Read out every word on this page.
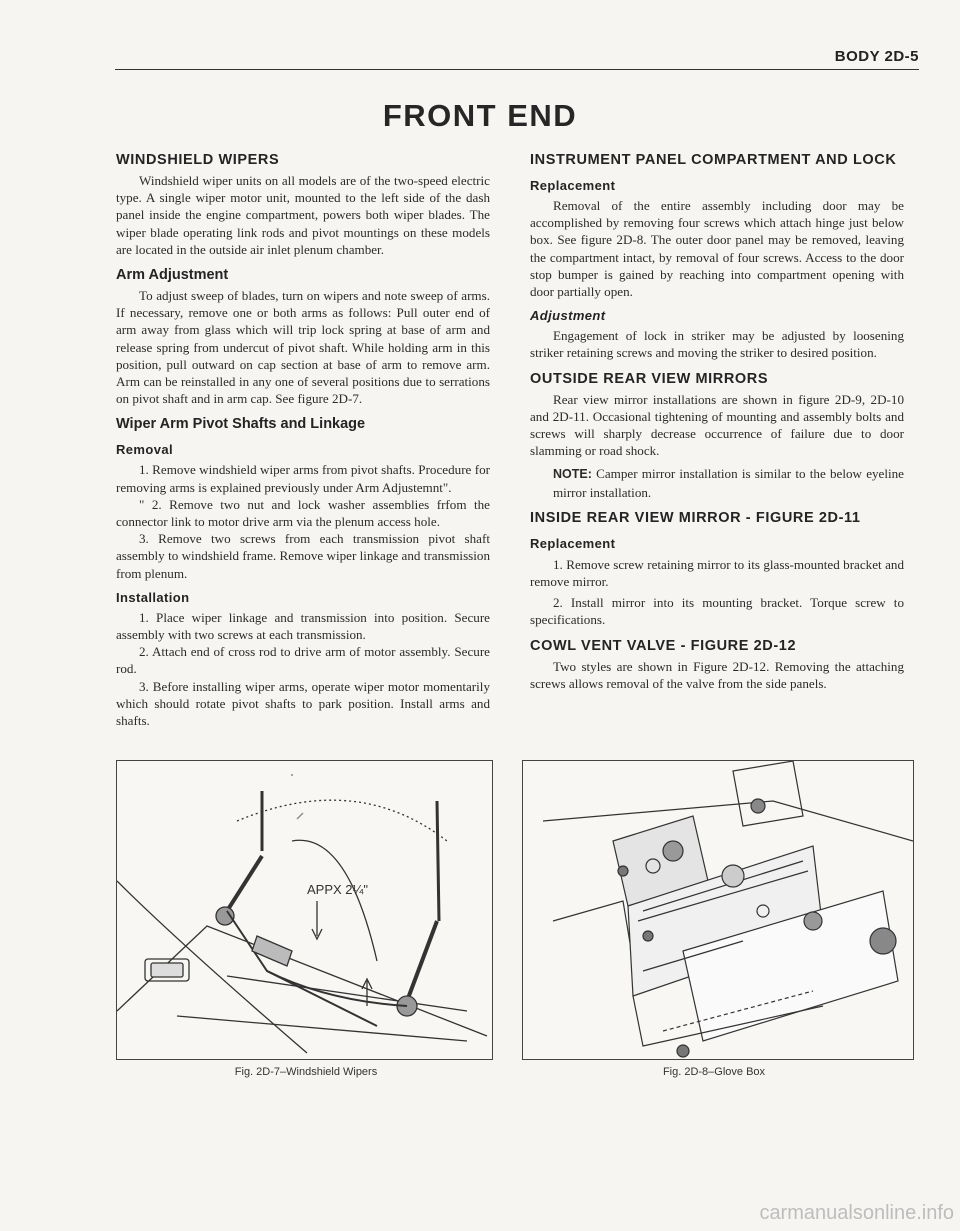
BODY 2D-5
FRONT END
WINDSHIELD WIPERS

Windshield wiper units on all models are of the two-speed electric type. A single wiper motor unit, mounted to the left side of the dash panel inside the engine compartment, powers both wiper blades. The wiper blade operating link rods and pivot mountings on these models are located in the outside air inlet plenum chamber.

Arm Adjustment

To adjust sweep of blades, turn on wipers and note sweep of arms. If necessary, remove one or both arms as follows: Pull outer end of arm away from glass which will trip lock spring at base of arm and release spring from undercut of pivot shaft. While holding arm in this position, pull outward on cap section at base of arm to remove arm. Arm can be reinstalled in any one of several positions due to serrations on pivot shaft and in arm cap. See figure 2D-7.

Wiper Arm Pivot Shafts and Linkage
Removal

1. Remove windshield wiper arms from pivot shafts. Procedure for removing arms is explained previously under Arm Adjustemnt".

" 2. Remove two nut and lock washer assemblies frfom the connector link to motor drive arm via the plenum access hole.

3. Remove two screws from each transmission pivot shaft assembly to windshield frame. Remove wiper linkage and transmission from plenum.

Installation

1. Place wiper linkage and transmission into position. Secure assembly with two screws at each transmission.

2. Attach end of cross rod to drive arm of motor assembly. Secure rod.

3. Before installing wiper arms, operate wiper motor momentarily which should rotate pivot shafts to park position. Install arms and shafts.

INSTRUMENT PANEL COMPARTMENT AND LOCK
Replacement

Removal of the entire assembly including door may be accomplished by removing four screws which attach hinge just below box. See figure 2D-8. The outer door panel may be removed, leaving the compartment intact, by removal of four screws. Access to the door stop bumper is gained by reaching into compartment opening with door partially open.

Adjustment

Engagement of lock in striker may be adjusted by loosening striker retaining screws and moving the striker to desired position.

OUTSIDE REAR VIEW MIRRORS

Rear view mirror installations are shown in figure 2D-9, 2D-10 and 2D-11. Occasional tightening of mounting and assembly bolts and screws will sharply decrease occurrence of failure due to door slamming or road shock.

NOTE: Camper mirror installation is similar to the below eyeline mirror installation.
INSIDE REAR VIEW MIRROR - FIGURE 2D-11
Replacement

1. Remove screw retaining mirror to its glass-mounted bracket and remove mirror.

2. Install mirror into its mounting bracket. Torque screw to specifications.

COWL VENT VALVE - FIGURE 2D-12

Two styles are shown in Figure 2D-12. Removing the attaching screws allows removal of the valve from the side panels.

APPX 2¼"
Fig. 2D-7–Windshield Wipers	Fig. 2D-8–Glove Box
carmanualsonline.info
